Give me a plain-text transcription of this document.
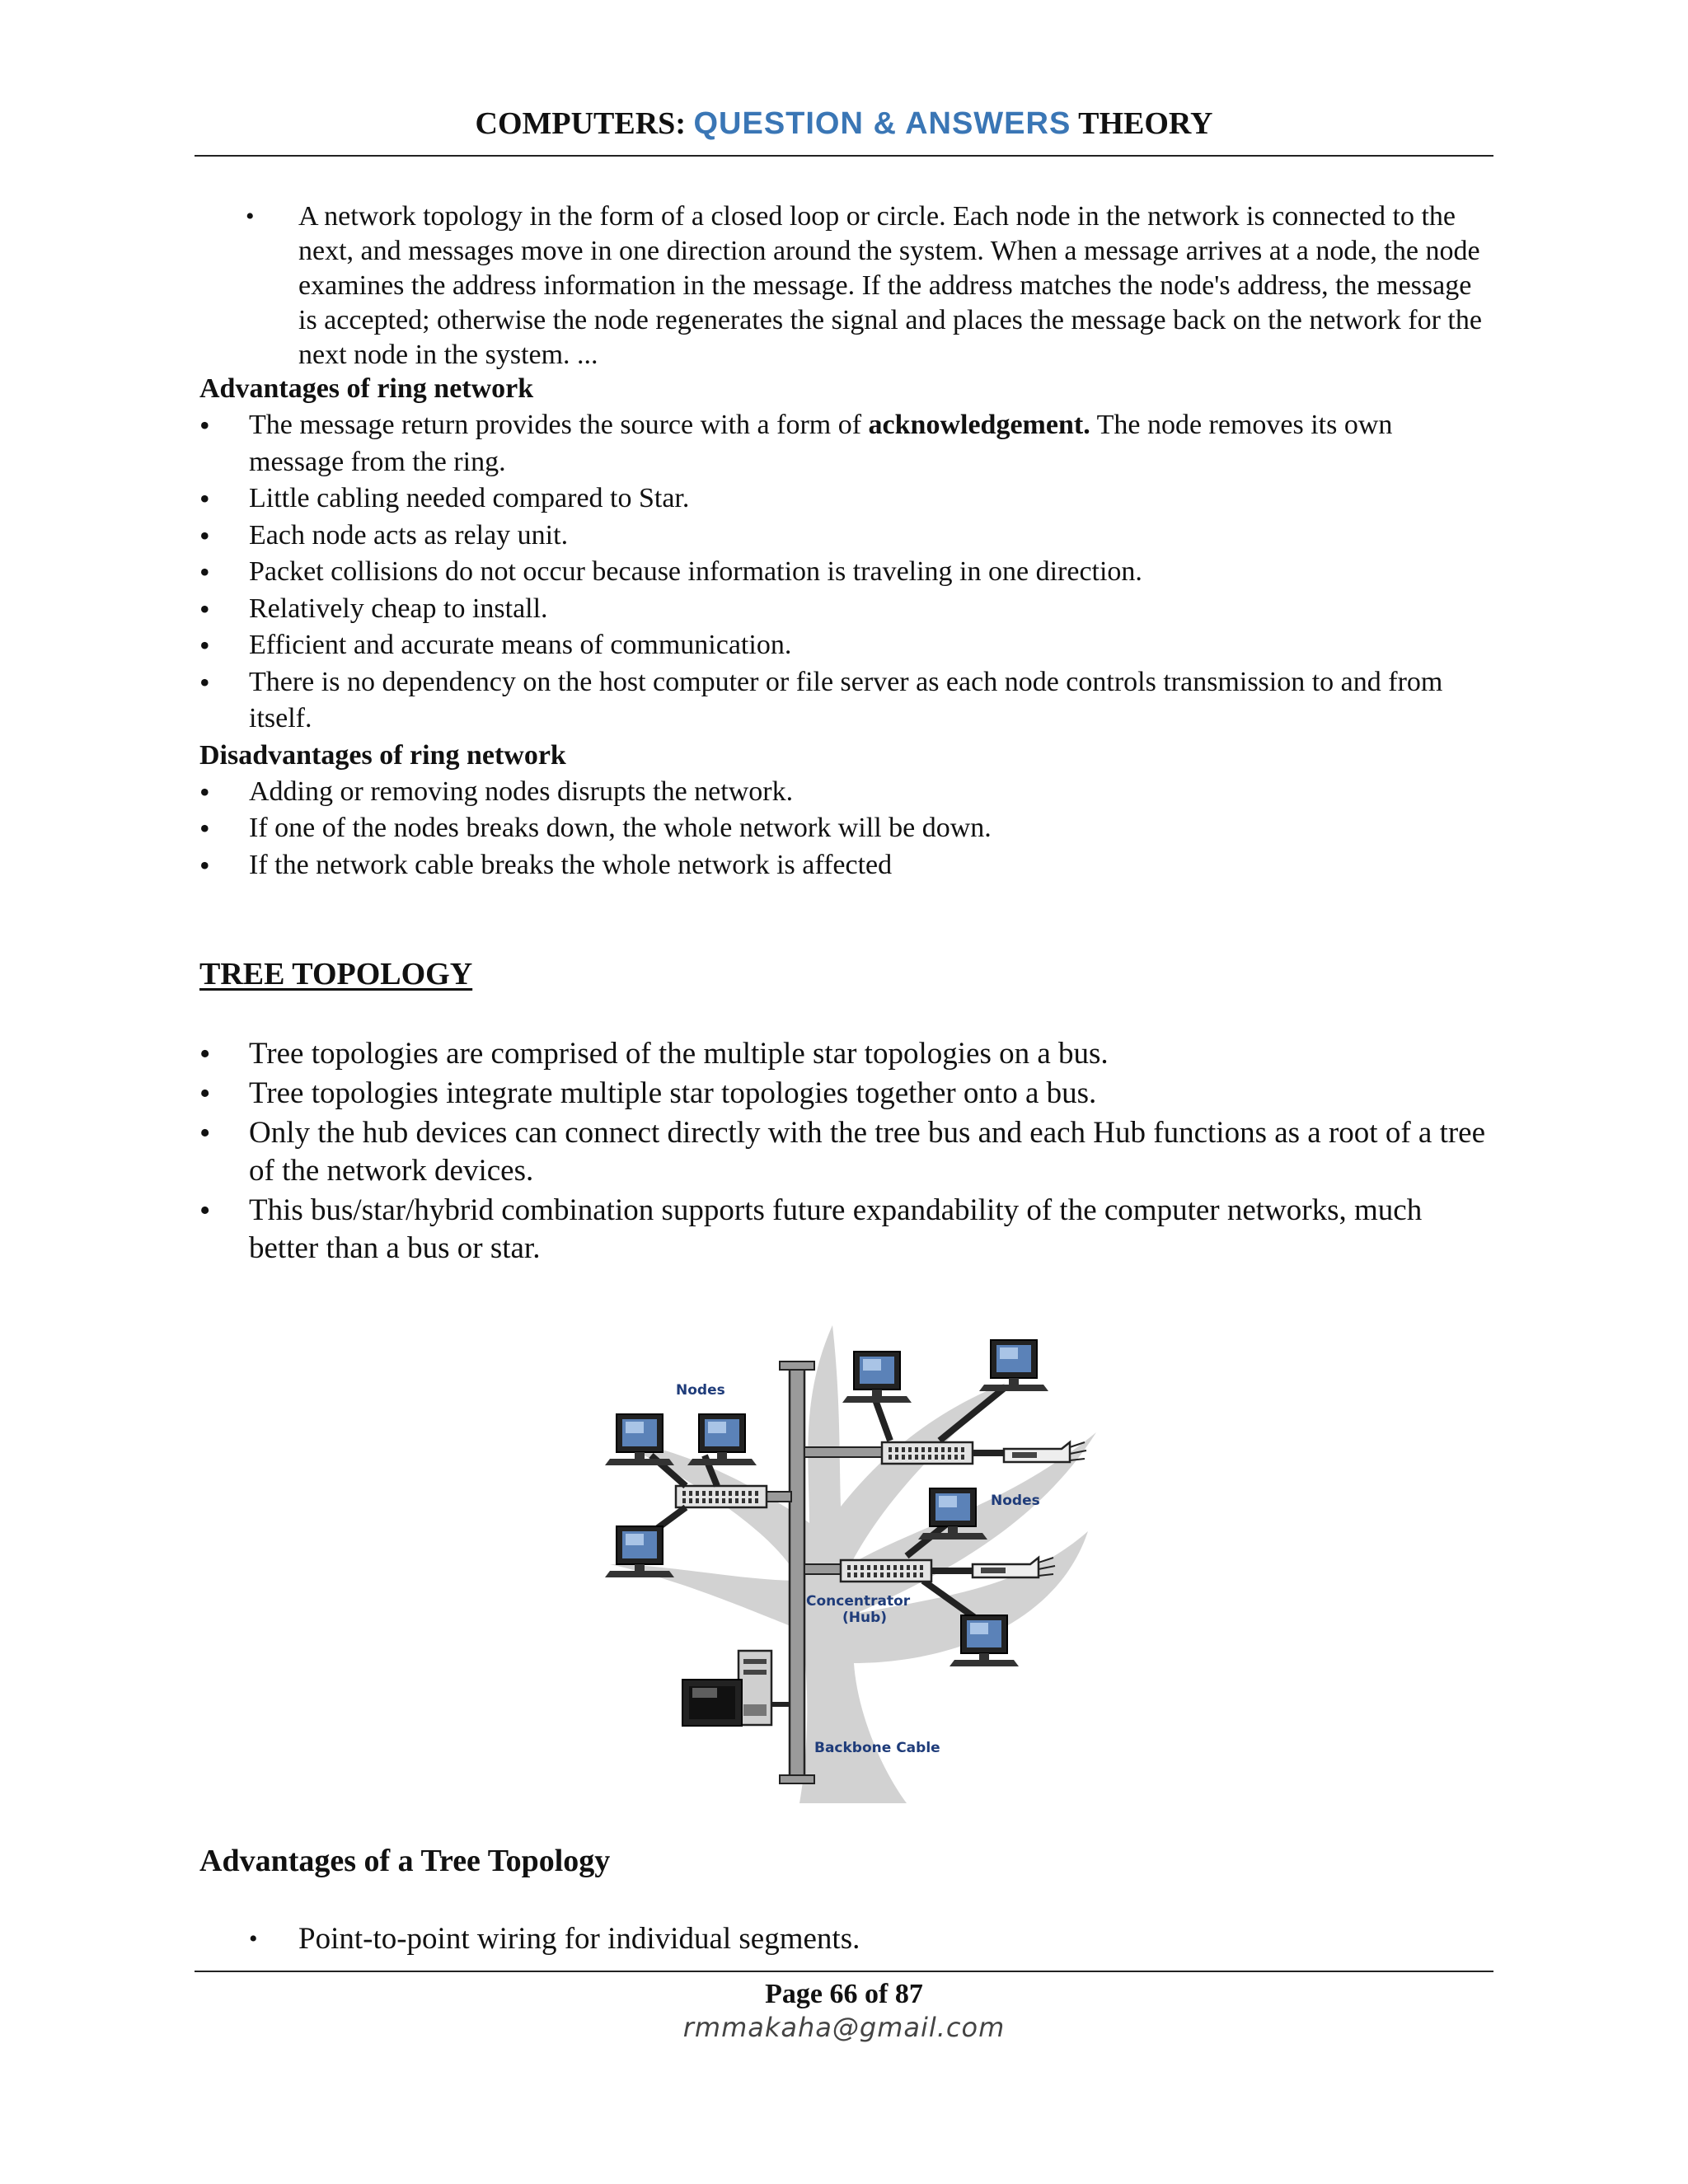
COMPUTERS: QUESTION & ANSWERS THEORY
• A network topology in the form of a closed loop or circle. Each node in the network is connected to the next, and messages move in one direction around the system. When a message arrives at a node, the node examines the address information in the message. If the address matches the node's address, the message is accepted; otherwise the node regenerates the signal and places the message back on the network for the next node in the system. ...
Advantages of ring network
• The message return provides the source with a form of acknowledgement. The node removes its own message from the ring.
• Little cabling needed compared to Star.
• Each node acts as relay unit.
• Packet collisions do not occur because information is traveling in one direction.
• Relatively cheap to install.
• Efficient and accurate means of communication.
• There is no dependency on the host computer or file server as each node controls transmission to and from itself.
Disadvantages of ring network
• Adding or removing nodes disrupts the network.
• If one of the nodes breaks down, the whole network will be down.
• If the network cable breaks the whole network is affected
TREE TOPOLOGY
• Tree topologies are comprised of the multiple star topologies on a bus.
• Tree topologies integrate multiple star topologies together onto a bus.
• Only the hub devices can connect directly with the tree bus and each Hub functions as a root of a tree of the network devices.
• This bus/star/hybrid combination supports future expandability of the computer networks, much better than a bus or star.
Nodes
Nodes
Concentrator
(Hub)
Backbone Cable
Advantages of a Tree Topology
• Point-to-point wiring for individual segments.
Page 66 of 87
rmmakaha@gmail.com
